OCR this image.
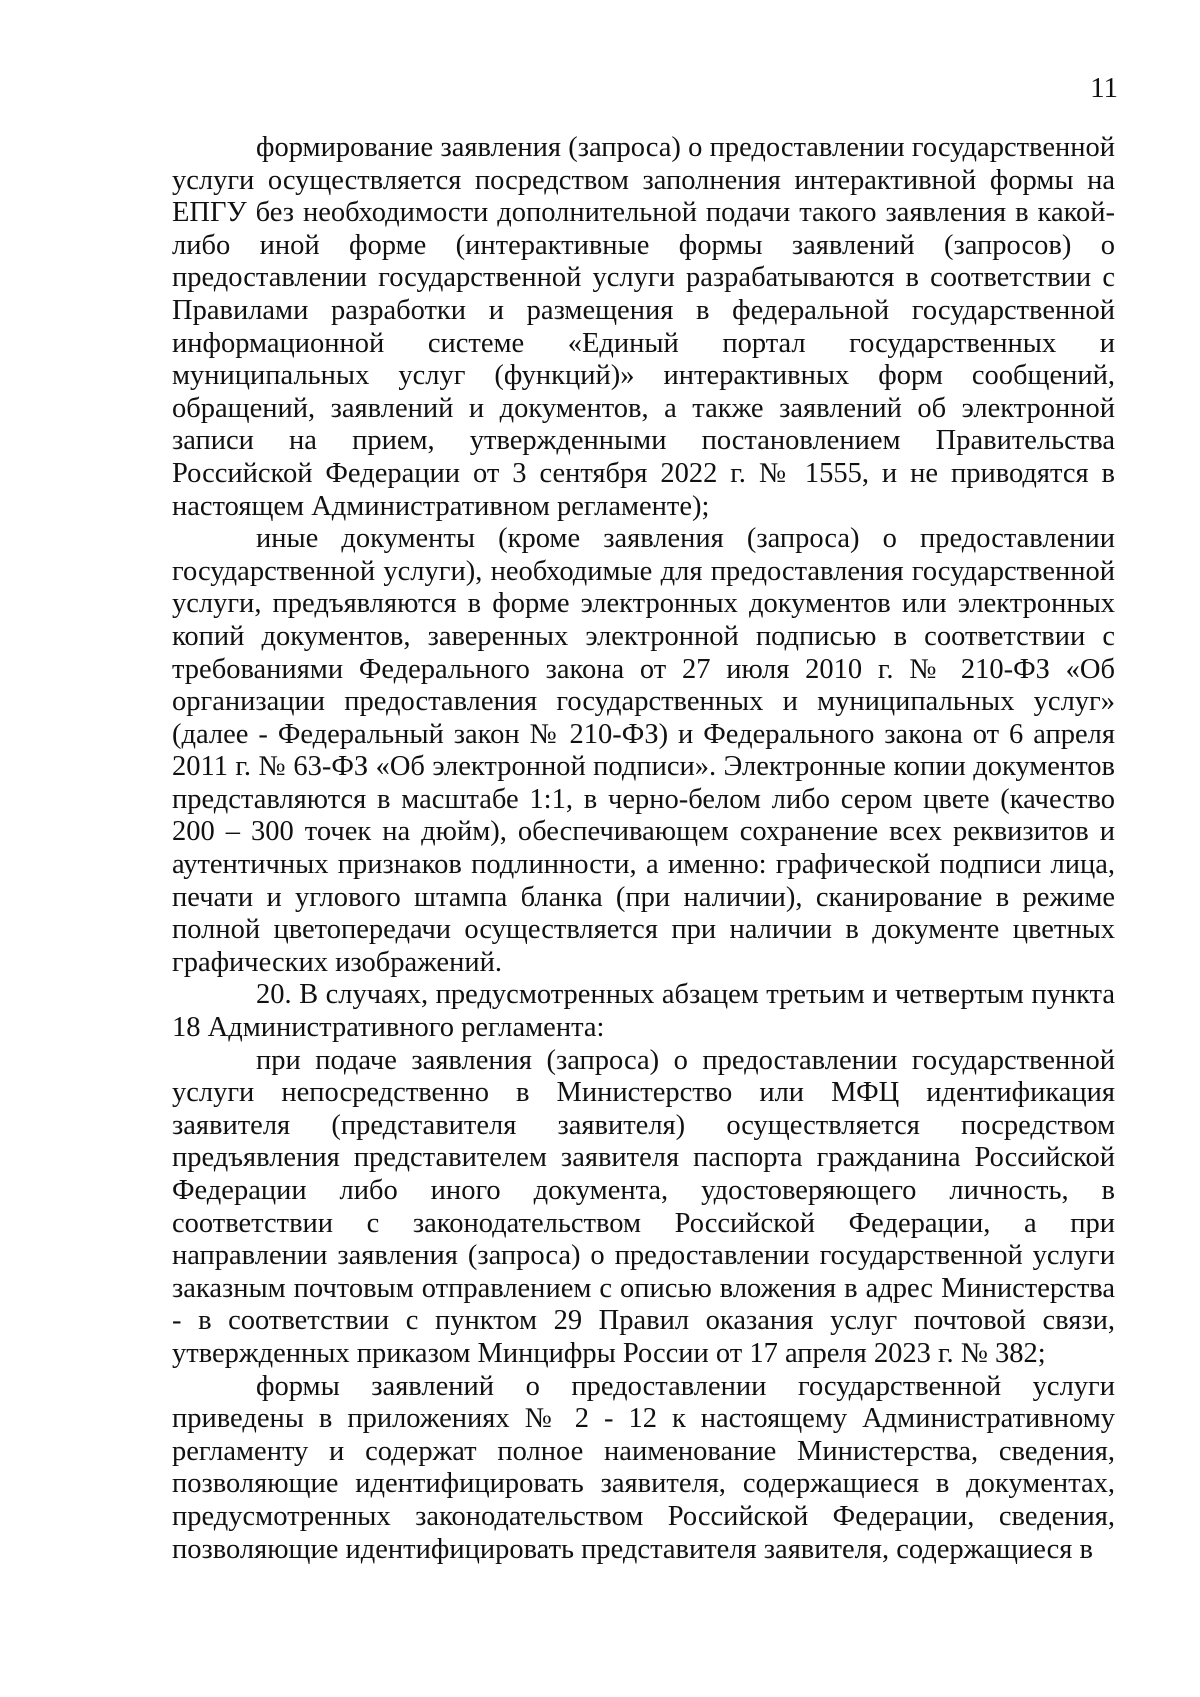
11

формирование заявления (запроса) о предоставлении государственной услуги осуществляется посредством заполнения интерактивной формы на ЕПГУ без необходимости дополнительной подачи такого заявления в какой-либо иной форме (интерактивные формы заявлений (запросов) о предоставлении государственной услуги разрабатываются в соответствии с Правилами разработки и размещения в федеральной государственной информационной системе «Единый портал государственных и муниципальных услуг (функций)» интерактивных форм сообщений, обращений, заявлений и документов, а также заявлений об электронной записи на прием, утвержденными постановлением Правительства Российской Федерации от 3 сентября 2022 г. № 1555, и не приводятся в настоящем Административном регламенте);

иные документы (кроме заявления (запроса) о предоставлении государственной услуги), необходимые для предоставления государственной услуги, предъявляются в форме электронных документов или электронных копий документов, заверенных электронной подписью в соответствии с требованиями Федерального закона от 27 июля 2010 г. № 210-ФЗ «Об организации предоставления государственных и муниципальных услуг» (далее - Федеральный закон № 210-ФЗ) и Федерального закона от 6 апреля 2011 г. № 63-ФЗ «Об электронной подписи». Электронные копии документов представляются в масштабе 1:1, в черно-белом либо сером цвете (качество 200 – 300 точек на дюйм), обеспечивающем сохранение всех реквизитов и аутентичных признаков подлинности, а именно: графической подписи лица, печати и углового штампа бланка (при наличии), сканирование в режиме полной цветопередачи осуществляется при наличии в документе цветных графических изображений.

20. В случаях, предусмотренных абзацем третьим и четвертым пункта 18 Административного регламента:

при подаче заявления (запроса) о предоставлении государственной услуги непосредственно в Министерство или МФЦ идентификация заявителя (представителя заявителя) осуществляется посредством предъявления представителем заявителя паспорта гражданина Российской Федерации либо иного документа, удостоверяющего личность, в соответствии с законодательством Российской Федерации, а при направлении заявления (запроса) о предоставлении государственной услуги заказным почтовым отправлением с описью вложения в адрес Министерства - в соответствии с пунктом 29 Правил оказания услуг почтовой связи, утвержденных приказом Минцифры России от 17 апреля 2023 г. № 382;

формы заявлений о предоставлении государственной услуги приведены в приложениях № 2 - 12 к настоящему Административному регламенту и содержат полное наименование Министерства, сведения, позволяющие идентифицировать заявителя, содержащиеся в документах, предусмотренных законодательством Российской Федерации, сведения, позволяющие идентифицировать представителя заявителя, содержащиеся в
